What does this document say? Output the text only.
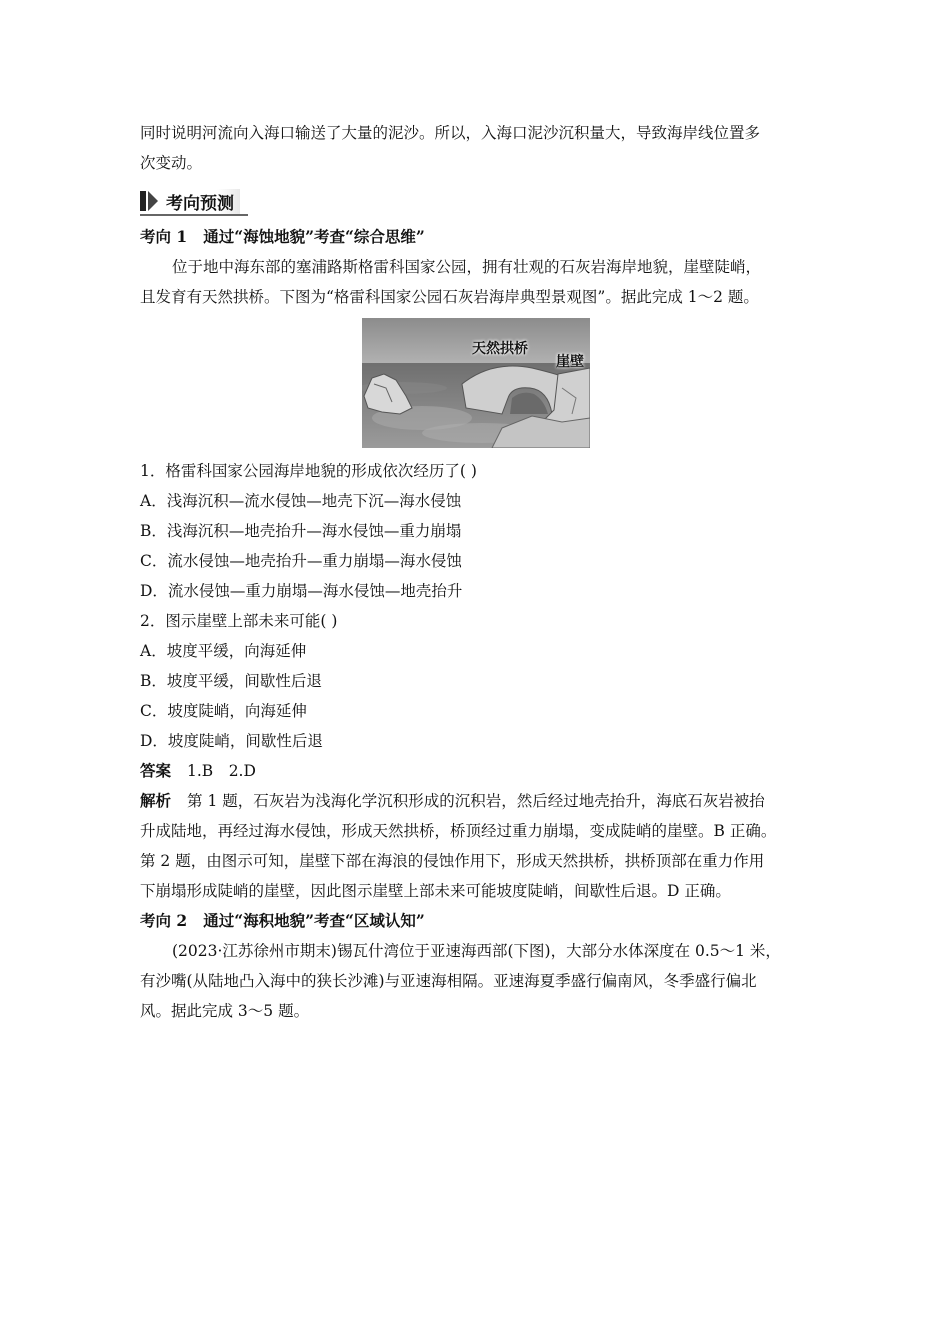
同时说明河流向入海口输送了大量的泥沙。所以，入海口泥沙沉积量大，导致海岸线位置多
次变动。
考向预测
考向 1 通过“海蚀地貌”考查“综合思维”
位于地中海东部的塞浦路斯格雷科国家公园，拥有壮观的石灰岩海岸地貌，崖壁陡峭，
且发育有天然拱桥。下图为“格雷科国家公园石灰岩海岸典型景观图”。据此完成 1～2 题。
天然拱桥
崖壁
1．格雷科国家公园海岸地貌的形成依次经历了( )
A．浅海沉积—流水侵蚀—地壳下沉—海水侵蚀
B．浅海沉积—地壳抬升—海水侵蚀—重力崩塌
C．流水侵蚀—地壳抬升—重力崩塌—海水侵蚀
D．流水侵蚀—重力崩塌—海水侵蚀—地壳抬升
2．图示崖壁上部未来可能( )
A．坡度平缓，向海延伸
B．坡度平缓，间歇性后退
C．坡度陡峭，向海延伸
D．坡度陡峭，间歇性后退
答案 1.B　2.D
解析 第 1 题，石灰岩为浅海化学沉积形成的沉积岩，然后经过地壳抬升，海底石灰岩被抬
升成陆地，再经过海水侵蚀，形成天然拱桥，桥顶经过重力崩塌，变成陡峭的崖壁。B 正确。
第 2 题，由图示可知，崖壁下部在海浪的侵蚀作用下，形成天然拱桥，拱桥顶部在重力作用
下崩塌形成陡峭的崖壁，因此图示崖壁上部未来可能坡度陡峭，间歇性后退。D 正确。
考向 2 通过“海积地貌”考查“区域认知”
(2023·江苏徐州市期末)锡瓦什湾位于亚速海西部(下图)，大部分水体深度在 0.5～1 米，
有沙嘴(从陆地凸入海中的狭长沙滩)与亚速海相隔。亚速海夏季盛行偏南风，冬季盛行偏北
风。据此完成 3～5 题。
